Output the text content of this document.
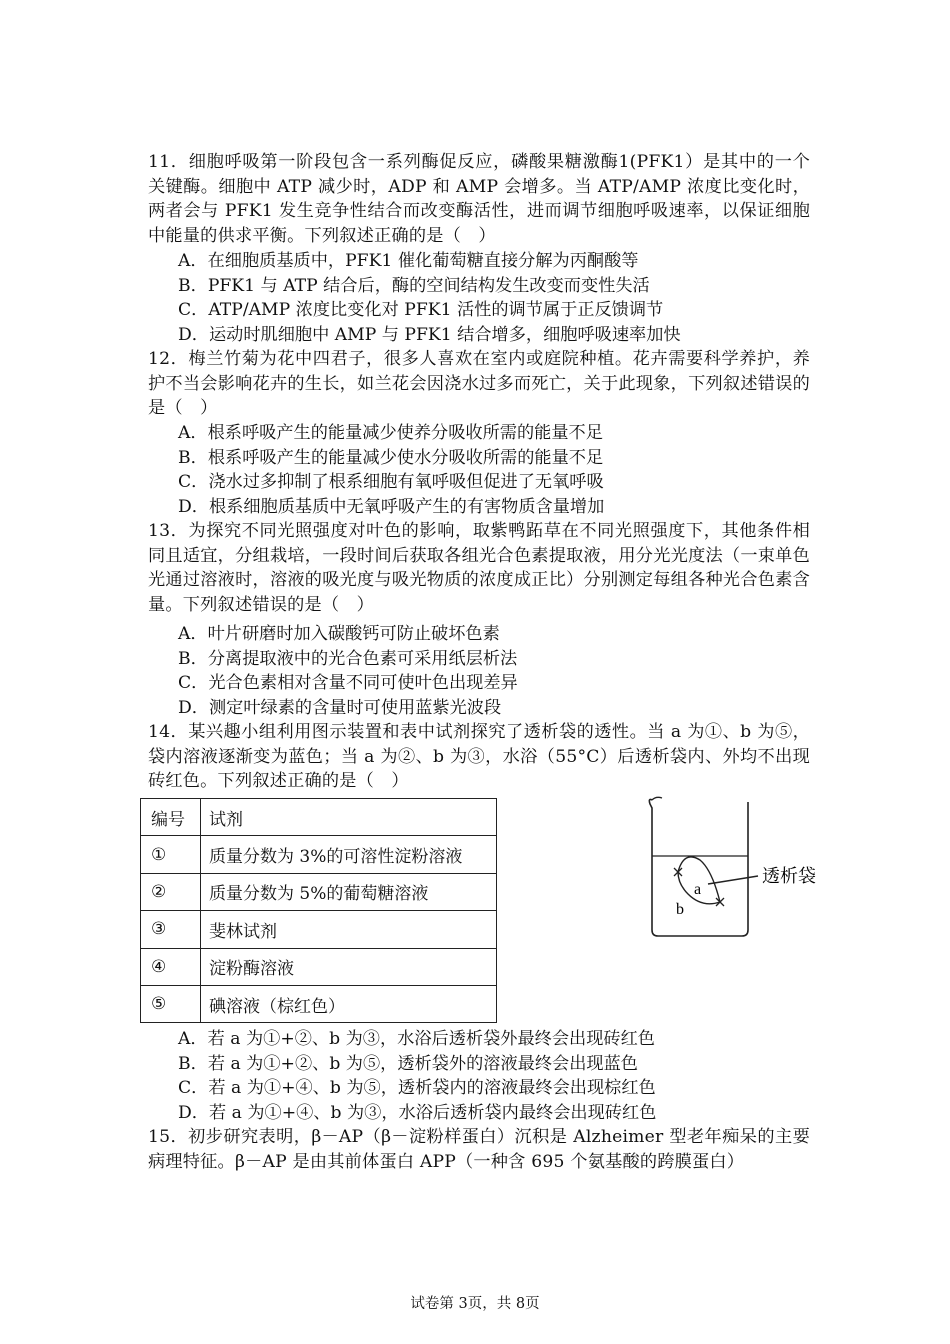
11．细胞呼吸第一阶段包含一系列酶促反应，磷酸果糖激酶1(PFK1）是其中的一个关键酶。细胞中 ATP 减少时，ADP 和 AMP 会增多。当 ATP/AMP 浓度比变化时，两者会与 PFK1 发生竞争性结合而改变酶活性，进而调节细胞呼吸速率，以保证细胞中能量的供求平衡。下列叙述正确的是（　）
A．在细胞质基质中，PFK1 催化葡萄糖直接分解为丙酮酸等
B．PFK1 与 ATP 结合后，酶的空间结构发生改变而变性失活
C．ATP/AMP 浓度比变化对 PFK1 活性的调节属于正反馈调节
D．运动时肌细胞中 AMP 与 PFK1 结合增多，细胞呼吸速率加快
12．梅兰竹菊为花中四君子，很多人喜欢在室内或庭院种植。花卉需要科学养护，养护不当会影响花卉的生长，如兰花会因浇水过多而死亡，关于此现象，下列叙述错误的是（　）
A．根系呼吸产生的能量减少使养分吸收所需的能量不足
B．根系呼吸产生的能量减少使水分吸收所需的能量不足
C．浇水过多抑制了根系细胞有氧呼吸但促进了无氧呼吸
D．根系细胞质基质中无氧呼吸产生的有害物质含量增加
13．为探究不同光照强度对叶色的影响，取紫鸭跖草在不同光照强度下，其他条件相同且适宜，分组栽培，一段时间后获取各组光合色素提取液，用分光光度法（一束单色光通过溶液时，溶液的吸光度与吸光物质的浓度成正比）分别测定每组各种光合色素含量。下列叙述错误的是（　）
A．叶片研磨时加入碳酸钙可防止破坏色素
B．分离提取液中的光合色素可采用纸层析法
C．光合色素相对含量不同可使叶色出现差异
D．测定叶绿素的含量时可使用蓝紫光波段
14．某兴趣小组利用图示装置和表中试剂探究了透析袋的透性。当 a 为①、b 为⑤，袋内溶液逐渐变为蓝色；当 a 为②、b 为③，水浴（55°C）后透析袋内、外均不出现砖红色。下列叙述正确的是（　）
编号	试剂
①	质量分数为 3%的可溶性淀粉溶液
②	质量分数为 5%的葡萄糖溶液
③	斐林试剂
④	淀粉酶溶液
⑤	碘溶液（棕红色）
a
b
透析袋
A．若 a 为①+②、b 为③，水浴后透析袋外最终会出现砖红色
B．若 a 为①+②、b 为⑤，透析袋外的溶液最终会出现蓝色
C．若 a 为①+④、b 为⑤，透析袋内的溶液最终会出现棕红色
D．若 a 为①+④、b 为③，水浴后透析袋内最终会出现砖红色
15．初步研究表明，β－AP（β－淀粉样蛋白）沉积是 Alzheimer 型老年痴呆的主要病理特征。β－AP 是由其前体蛋白 APP（一种含 695 个氨基酸的跨膜蛋白）
试卷第 3页，共 8页
